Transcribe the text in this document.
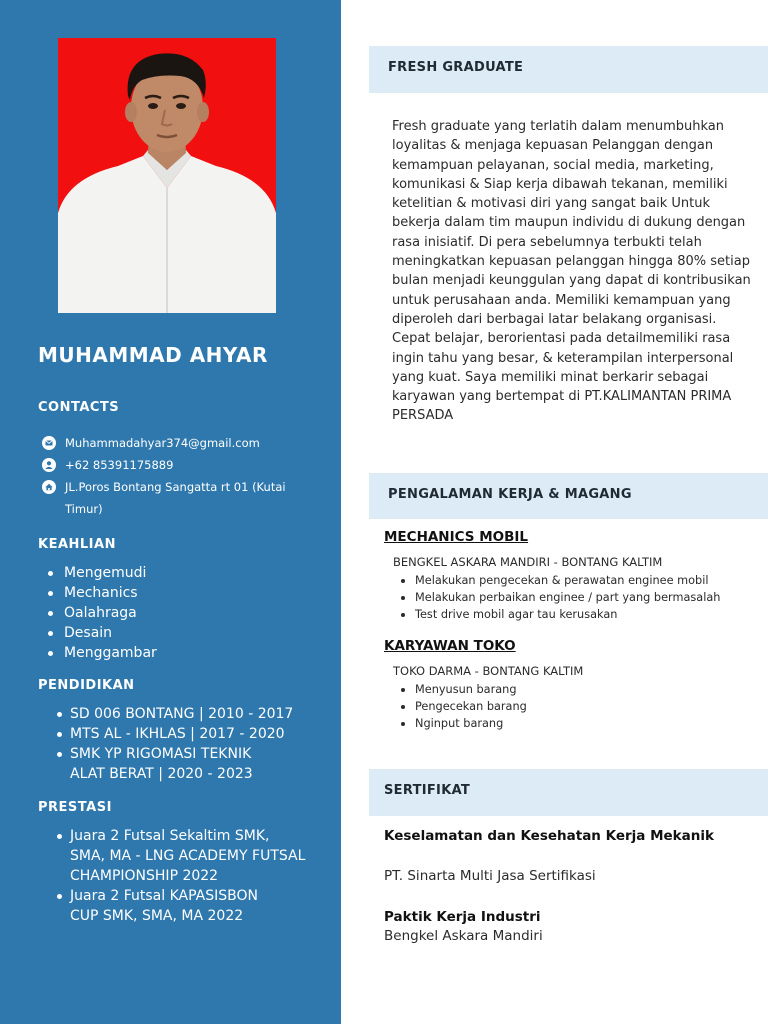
MUHAMMAD AHYAR
CONTACTS
Muhammadahyar374@gmail.com
+62 85391175889
JL.Poros Bontang Sangatta rt 01 (Kutai
Timur)
KEAHLIAN
Mengemudi
Mechanics
Oalahraga
Desain
Menggambar
PENDIDIKAN
SD 006 BONTANG | 2010 - 2017
MTS AL - IKHLAS | 2017 - 2020
SMK YP RIGOMASI TEKNIK ALAT BERAT | 2020 - 2023
PRESTASI
Juara 2 Futsal Sekaltim SMK, SMA, MA - LNG ACADEMY FUTSAL CHAMPIONSHIP 2022
Juara 2 Futsal KAPASISBON CUP SMK, SMA, MA 2022
FRESH GRADUATE
Fresh graduate yang terlatih dalam menumbuhkan loyalitas & menjaga kepuasan Pelanggan dengan kemampuan pelayanan, social media, marketing, komunikasi & Siap kerja dibawah tekanan, memiliki ketelitian & motivasi diri yang sangat baik Untuk bekerja dalam tim maupun individu di dukung dengan rasa inisiatif. Di pera sebelumnya terbukti telah meningkatkan kepuasan pelanggan hingga 80% setiap bulan menjadi keunggulan yang dapat di kontribusikan untuk perusahaan anda. Memiliki kemampuan yang diperoleh dari berbagai latar belakang organisasi. Cepat belajar, berorientasi pada detailmemiliki rasa ingin tahu yang besar, & keterampilan interpersonal yang kuat. Saya memiliki minat berkarir sebagai karyawan yang bertempat di PT.KALIMANTAN PRIMA PERSADA
PENGALAMAN KERJA & MAGANG
MECHANICS MOBIL
BENGKEL ASKARA MANDIRI - BONTANG KALTIM
Melakukan pengecekan & perawatan enginee mobil
Melakukan perbaikan enginee / part yang bermasalah
Test drive mobil agar tau kerusakan
KARYAWAN TOKO
TOKO DARMA - BONTANG KALTIM
Menyusun barang
Pengecekan barang
Nginput barang
SERTIFIKAT
Keselamatan dan Kesehatan Kerja Mekanik
PT. Sinarta Multi Jasa Sertifikasi
Paktik Kerja Industri
Bengkel Askara Mandiri
